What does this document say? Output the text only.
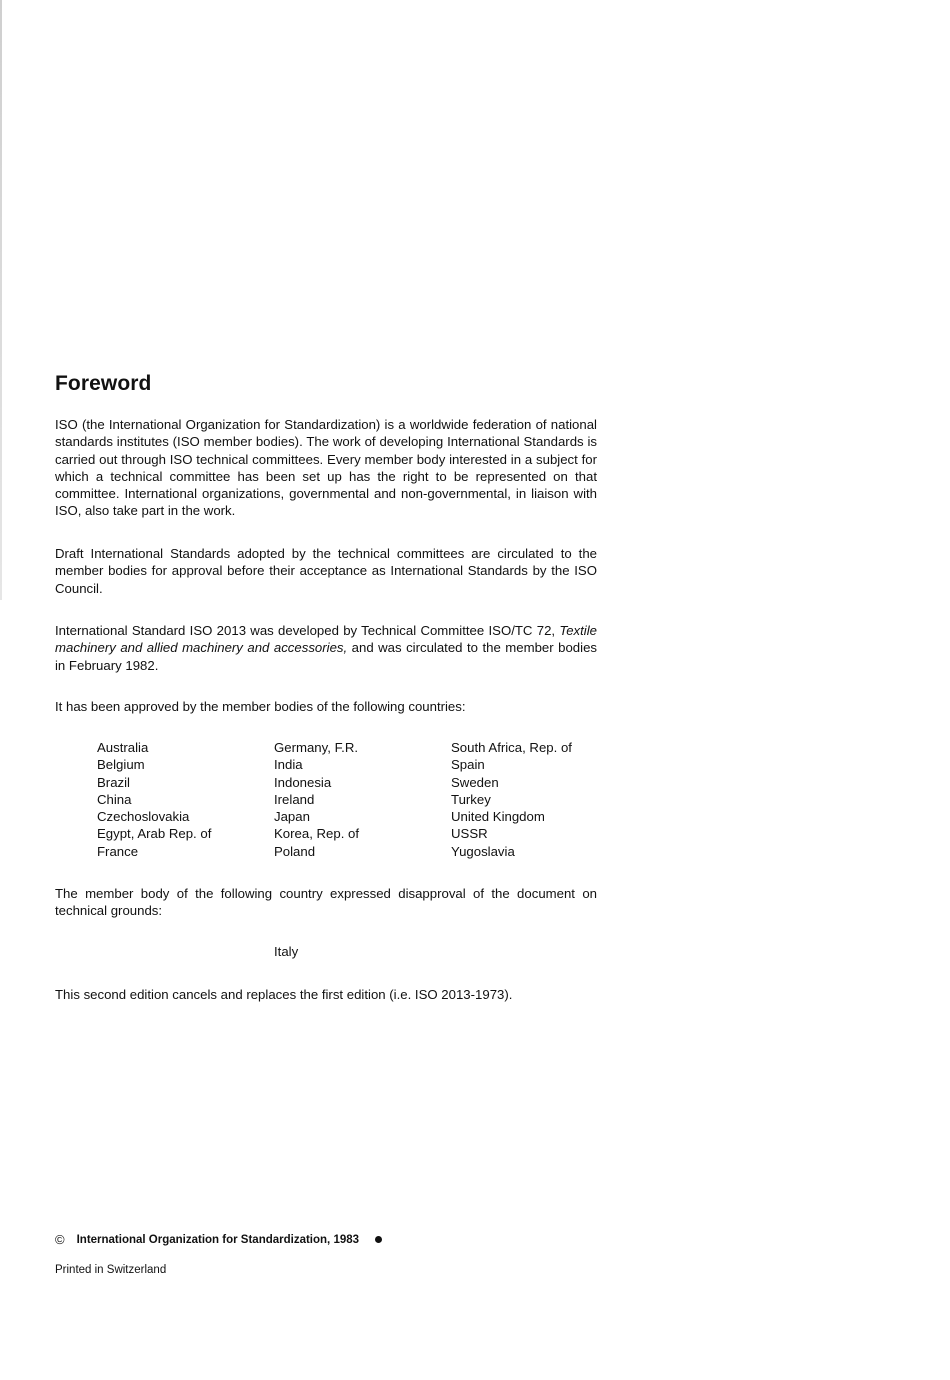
Foreword

ISO (the International Organization for Standardization) is a worldwide federation of national standards institutes (ISO member bodies). The work of developing International Standards is carried out through ISO technical committees. Every member body interested in a subject for which a technical committee has been set up has the right to be represented on that committee. International organizations, governmental and non-governmental, in liaison with ISO, also take part in the work.

Draft International Standards adopted by the technical committees are circulated to the member bodies for approval before their acceptance as International Standards by the ISO Council.

International Standard ISO 2013 was developed by Technical Committee ISO/TC 72, Textile machinery and allied machinery and accessories, and was circulated to the member bodies in February 1982.

It has been approved by the member bodies of the following countries:

Australia
Belgium
Brazil
China
Czechoslovakia
Egypt, Arab Rep. of
France
Germany, F.R.
India
Indonesia
Ireland
Japan
Korea, Rep. of
Poland
South Africa, Rep. of
Spain
Sweden
Turkey
United Kingdom
USSR
Yugoslavia

The member body of the following country expressed disapproval of the document on technical grounds:

Italy

This second edition cancels and replaces the first edition (i.e. ISO 2013-1973).

© International Organization for Standardization, 1983

Printed in Switzerland
